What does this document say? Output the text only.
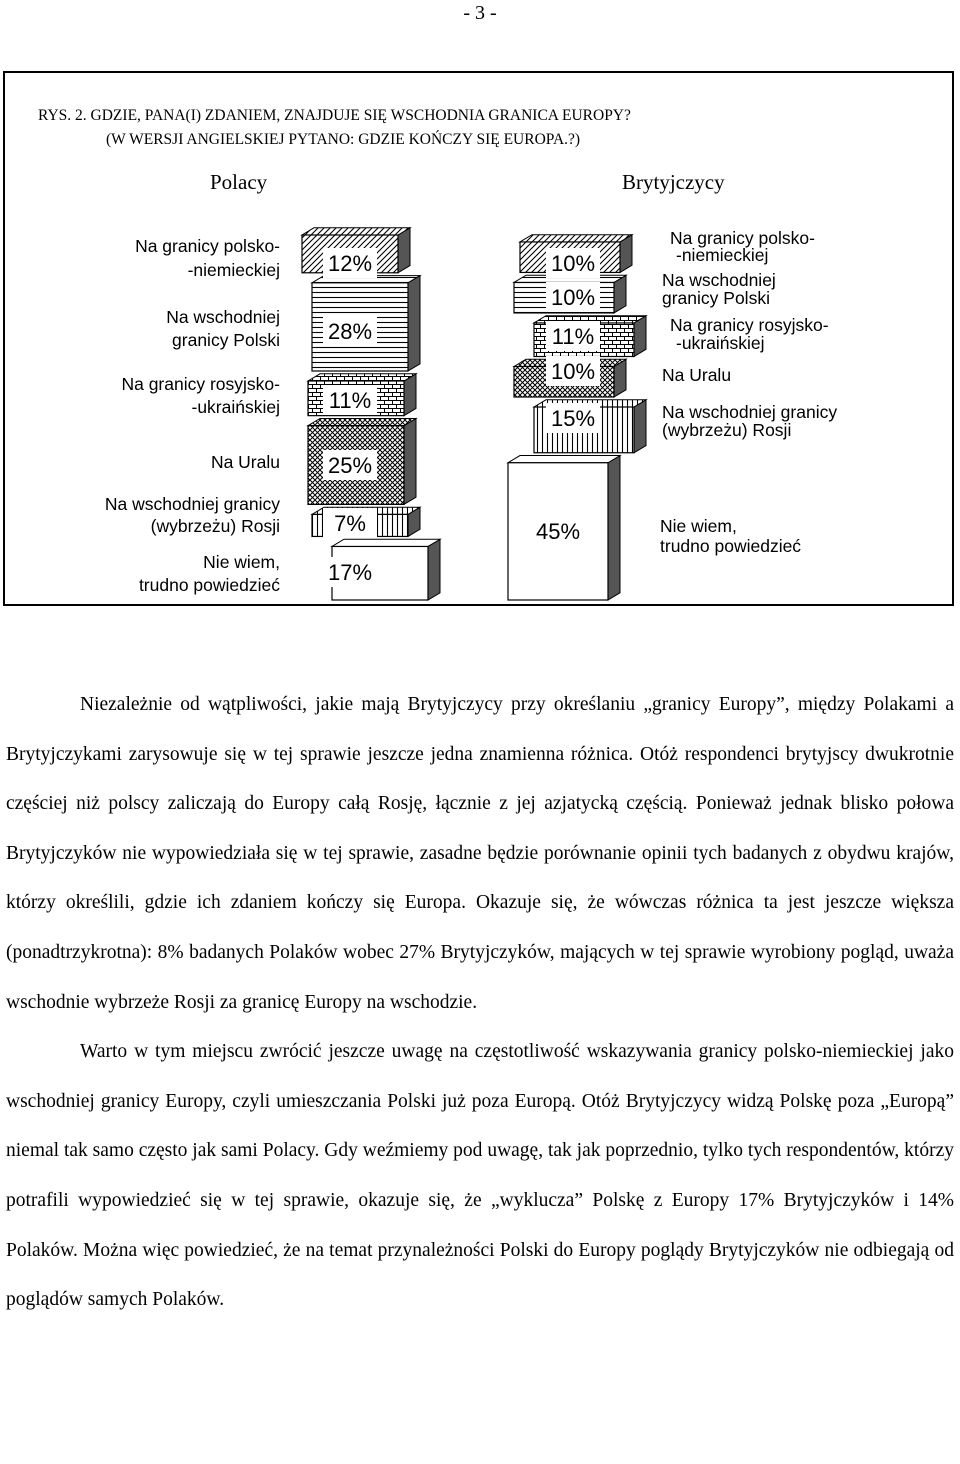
- 3 -
RYS. 2. GDZIE, PANA(I) ZDANIEM, ZNAJDUJE SIĘ WSCHODNIA GRANICA EUROPY?
(W WERSJI ANGIELSKIEJ PYTANO: GDZIE KOŃCZY SIĘ EUROPA.?)
Polacy	Brytyjczycy
12%
28%
11%
25%
7%
17%
10%
10%
11%
10%
15%
45%
Na granicy polsko-
-niemieckiej
Na wschodniej
granicy Polski
Na granicy rosyjsko-
-ukraińskiej
Na Uralu
Na wschodniej granicy
(wybrzeżu) Rosji
Nie wiem,
trudno powiedzieć
Na granicy polsko-
-niemieckiej
Na wschodniej
granicy Polski
Na granicy rosyjsko-
-ukraińskiej
Na Uralu
Na wschodniej granicy
(wybrzeżu) Rosji
Nie wiem,
trudno powiedzieć

Niezależnie od wątpliwości, jakie mają Brytyjczycy przy określaniu „granicy Europy”, między Polakami a Brytyjczykami zarysowuje się w tej sprawie jeszcze jedna znamienna różnica. Otóż respondenci brytyjscy dwukrotnie częściej niż polscy zaliczają do Europy całą Rosję, łącznie z jej azjatycką częścią. Ponieważ jednak blisko połowa Brytyjczyków nie wypowiedziała się w tej sprawie, zasadne będzie porównanie opinii tych badanych z obydwu krajów, którzy określili, gdzie ich zdaniem kończy się Europa. Okazuje się, że wówczas różnica ta jest jeszcze większa (ponadtrzykrotna): 8% badanych Polaków wobec 27% Brytyjczyków, mających w tej sprawie wyrobiony pogląd, uważa wschodnie wybrzeże Rosji za granicę Europy na wschodzie.

Warto w tym miejscu zwrócić jeszcze uwagę na częstotliwość wskazywania granicy polsko-niemieckiej jako wschodniej granicy Europy, czyli umieszczania Polski już poza Europą. Otóż Brytyjczycy widzą Polskę poza „Europą” niemal tak samo często jak sami Polacy. Gdy weźmiemy pod uwagę, tak jak poprzednio, tylko tych respondentów, którzy potrafili wypowiedzieć się w tej sprawie, okazuje się, że „wyklucza” Polskę z Europy 17% Brytyjczyków i 14% Polaków. Można więc powiedzieć, że na temat przynależności Polski do Europy poglądy Brytyjczyków nie odbiegają od poglądów samych Polaków.
